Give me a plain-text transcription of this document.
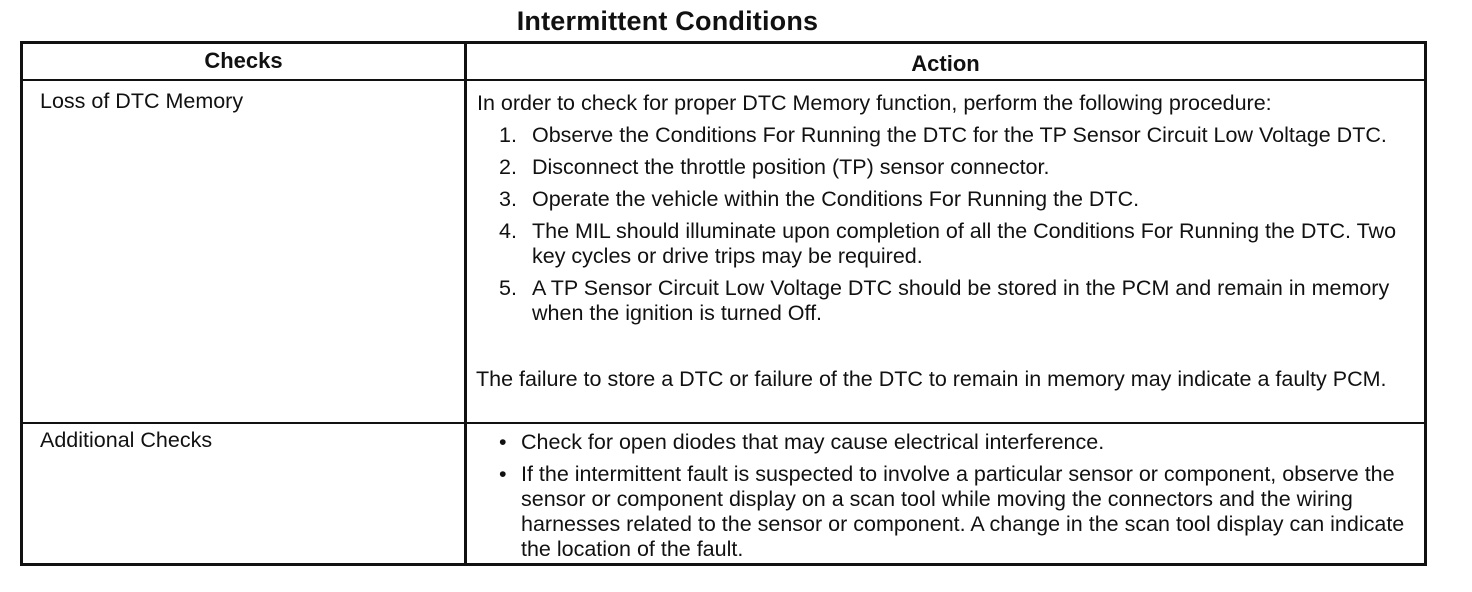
Intermittent Conditions
Checks	Action
Loss of DTC Memory	In order to check for proper DTC Memory function, perform the following procedure:
1. Observe the Conditions For Running the DTC for the TP Sensor Circuit Low Voltage DTC.
2. Disconnect the throttle position (TP) sensor connector.
3. Operate the vehicle within the Conditions For Running the DTC.
4. The MIL should illuminate upon completion of all the Conditions For Running the DTC. Two key cycles or drive trips may be required.
5. A TP Sensor Circuit Low Voltage DTC should be stored in the PCM and remain in memory when the ignition is turned Off.
The failure to store a DTC or failure of the DTC to remain in memory may indicate a faulty PCM.
Additional Checks	• Check for open diodes that may cause electrical interference.
• If the intermittent fault is suspected to involve a particular sensor or component, observe the sensor or component display on a scan tool while moving the connectors and the wiring harnesses related to the sensor or component. A change in the scan tool display can indicate the location of the fault.
